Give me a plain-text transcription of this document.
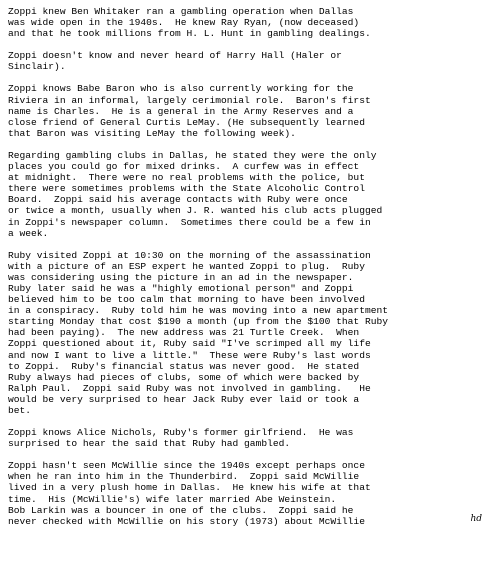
Zoppi knew Ben Whitaker ran a gambling operation when Dallas
was wide open in the 1940s.  He knew Ray Ryan, (now deceased)
and that he took millions from H. L. Hunt in gambling dealings.
Zoppi doesn't know and never heard of Harry Hall (Haler or
Sinclair).
Zoppi knows Babe Baron who is also currently working for the
Riviera in an informal, largely cerimonial role.  Baron's first
name is Charles.  He is a general in the Army Reserves and a
close friend of General Curtis LeMay. (He subsequently learned
that Baron was visiting LeMay the following week).
Regarding gambling clubs in Dallas, he stated they were the only
places you could go for mixed drinks.  A curfew was in effect
at midnight.  There were no real problems with the police, but
there were sometimes problems with the State Alcoholic Control
Board.  Zoppi said his average contacts with Ruby were once
or twice a month, usually when J. R. wanted his club acts plugged
in Zoppi's newspaper column.  Sometimes there could be a few in
a week.
Ruby visited Zoppi at 10:30 on the morning of the assassination
with a picture of an ESP expert he wanted Zoppi to plug.  Ruby
was considering using the picture in an ad in the newspaper.
Ruby later said he was a "highly emotional person" and Zoppi
believed him to be too calm that morning to have been involved
in a conspiracy.  Ruby told him he was moving into a new apartment
starting Monday that cost $190 a month (up from the $100 that Ruby
had been paying).  The new address was 21 Turtle Creek.  When
Zoppi questioned about it, Ruby said "I've scrimped all my life
and now I want to live a little."  These were Ruby's last words
to Zoppi.  Ruby's financial status was never good.  He stated
Ruby always had pieces of clubs, some of which were backed by
Ralph Paul.  Zoppi said Ruby was not involved in gambling.   He
would be very surprised to hear Jack Ruby ever laid or took a
bet.
Zoppi knows Alice Nichols, Ruby's former girlfriend.  He was
surprised to hear the said that Ruby had gambled.
Zoppi hasn't seen McWillie since the 1940s except perhaps once
when he ran into him in the Thunderbird.  Zoppi said McWillie
lived in a very plush home in Dallas.  He knew his wife at that
time.  His (McWillie's) wife later married Abe Weinstein.
Bob Larkin was a bouncer in one of the clubs.  Zoppi said he
never checked with McWillie on his story (1973) about McWillie	hd
